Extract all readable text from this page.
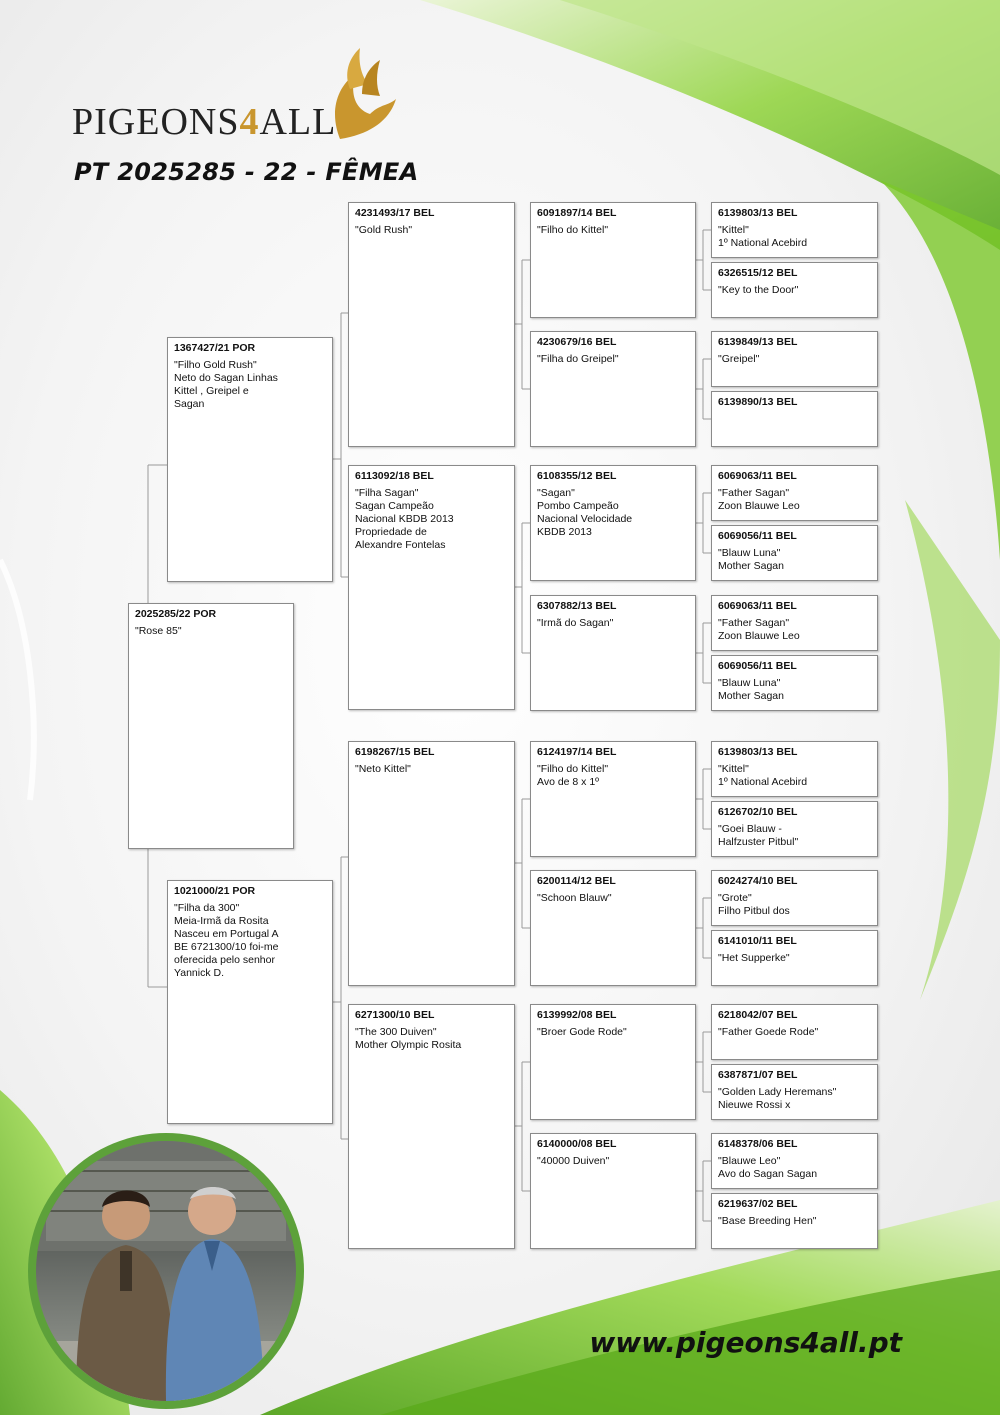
PIGEONS4ALL
PT 2025285 - 22 - FÊMEA
2025285/22 POR
"Rose 85"
1367427/21 POR
"Filho Gold Rush"
Neto do Sagan Linhas
Kittel , Greipel e
Sagan
1021000/21 POR
"Filha da 300"
Meia-Irmã da Rosita
Nasceu em Portugal A
BE 6721300/10 foi-me
oferecida pelo senhor
Yannick D.
4231493/17 BEL
"Gold Rush"
6113092/18 BEL
"Filha Sagan"
Sagan Campeão
Nacional KBDB 2013
Propriedade de
Alexandre Fontelas
6198267/15 BEL
"Neto Kittel"
6271300/10 BEL
"The 300 Duiven"
Mother Olympic Rosita
6091897/14 BEL
"Filho do Kittel"
4230679/16 BEL
"Filha do Greipel"
6108355/12 BEL
"Sagan"
Pombo Campeão
Nacional Velocidade
KBDB 2013
6307882/13 BEL
"Irmã do Sagan"
6124197/14 BEL
"Filho do Kittel"
Avo de 8 x 1º
6200114/12 BEL
"Schoon Blauw"
6139992/08 BEL
"Broer Gode Rode"
6140000/08 BEL
"40000 Duiven"
6139803/13 BEL
"Kittel"
1º National Acebird
6326515/12 BEL
"Key to the Door"
6139849/13 BEL
"Greipel"
6139890/13 BEL
6069063/11 BEL
"Father Sagan"
Zoon Blauwe Leo
6069056/11 BEL
"Blauw Luna"
Mother Sagan
6069063/11 BEL
"Father Sagan"
Zoon Blauwe Leo
6069056/11 BEL
"Blauw Luna"
Mother Sagan
6139803/13 BEL
"Kittel"
1º National Acebird
6126702/10 BEL
"Goei Blauw -
Halfzuster Pitbul"
6024274/10 BEL
"Grote"
Filho Pitbul dos
6141010/11 BEL
"Het Supperke"
6218042/07 BEL
"Father Goede Rode"
6387871/07 BEL
"Golden Lady Heremans"
Nieuwe Rossi x
6148378/06 BEL
"Blauwe Leo"
Avo do Sagan Sagan
6219637/02 BEL
"Base Breeding Hen"
www.pigeons4all.pt
